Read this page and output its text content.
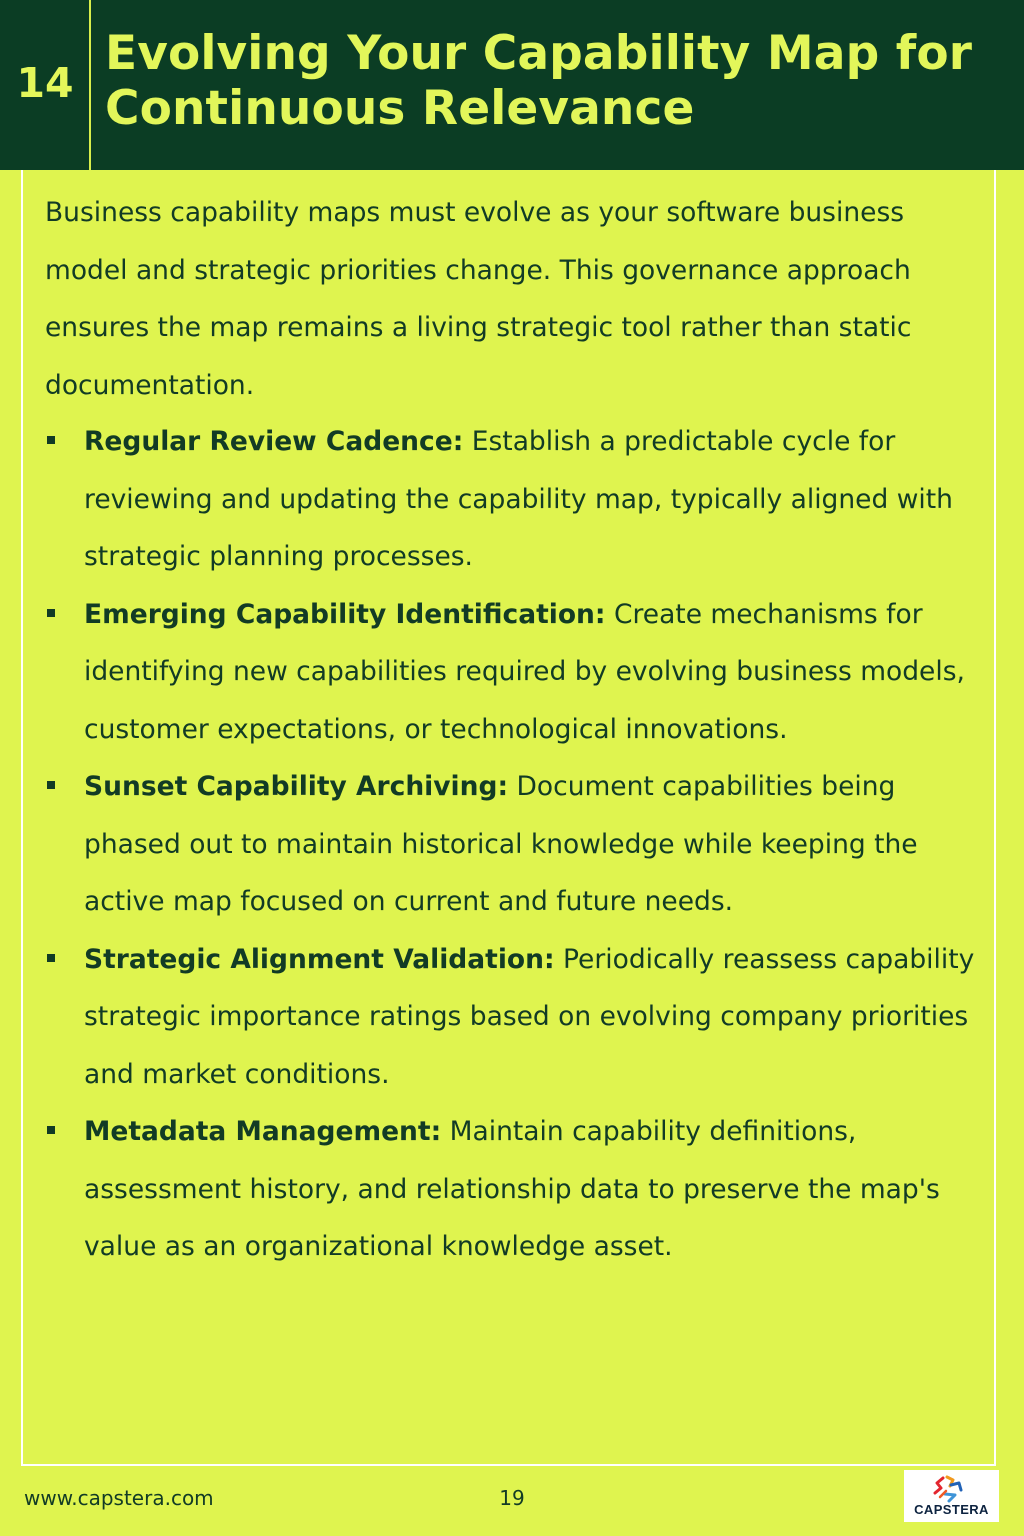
14
Evolving Your Capability Map for Continuous Relevance

Business capability maps must evolve as your software business model and strategic priorities change. This governance approach ensures the map remains a living strategic tool rather than static documentation.

Regular Review Cadence: Establish a predictable cycle for reviewing and updating the capability map, typically aligned with strategic planning processes.
Emerging Capability Identification: Create mechanisms for identifying new capabilities required by evolving business models, customer expectations, or technological innovations.
Sunset Capability Archiving: Document capabilities being phased out to maintain historical knowledge while keeping the active map focused on current and future needs.
Strategic Alignment Validation: Periodically reassess capability strategic importance ratings based on evolving company priorities and market conditions.
Metadata Management: Maintain capability definitions, assessment history, and relationship data to preserve the map's value as an organizational knowledge asset.
www.capstera.com	19	CAPSTERA
